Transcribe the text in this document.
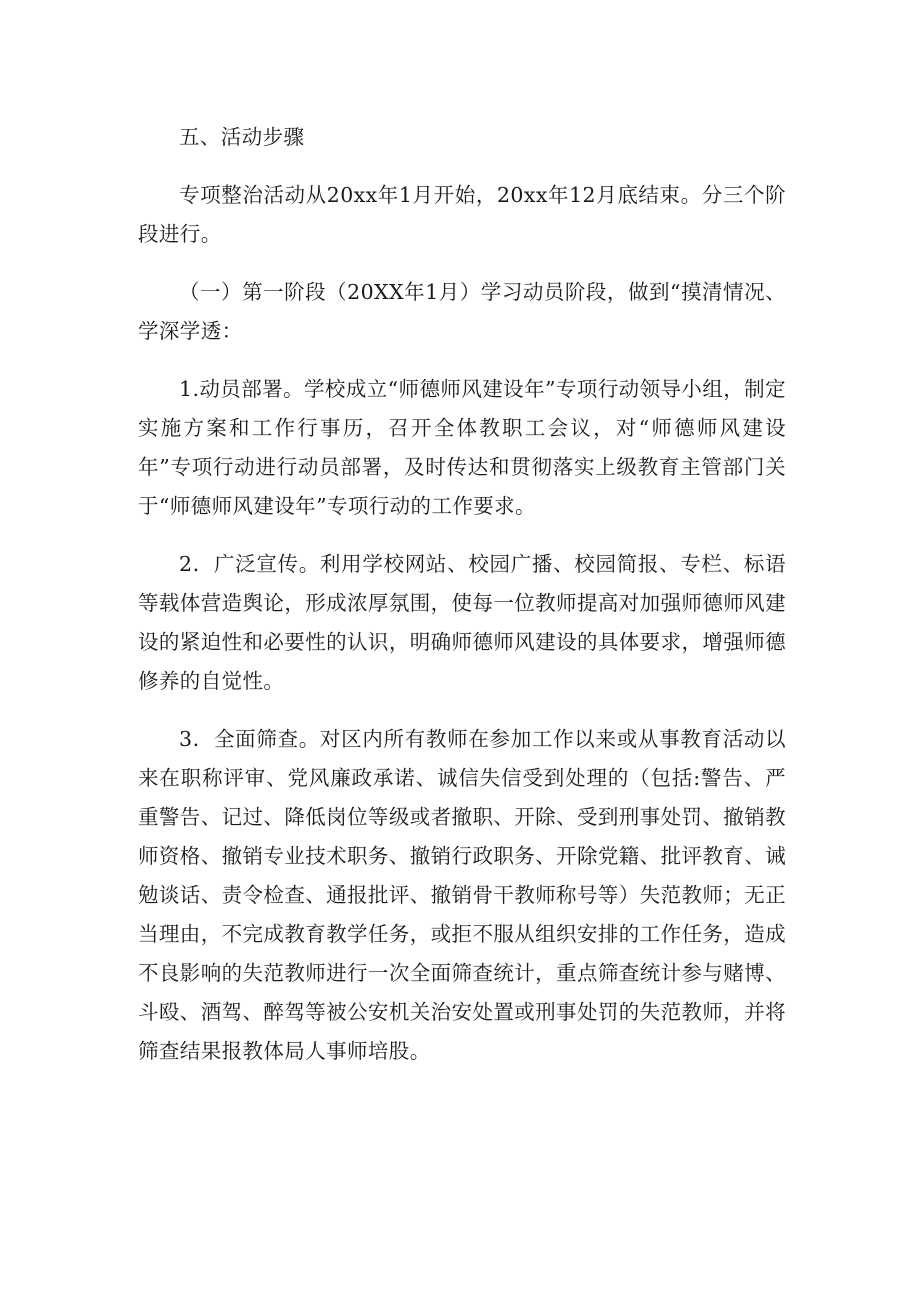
五、活动步骤

专项整治活动从20xx年1月开始，20xx年12月底结束。分三个阶段进行。

（一）第一阶段（20XX年1月）学习动员阶段，做到“摸清情况、学深学透：

1.动员部署。学校成立“师德师风建设年”专项行动领导小组，制定实施方案和工作行事历，召开全体教职工会议，对“师德师风建设年”专项行动进行动员部署，及时传达和贯彻落实上级教育主管部门关于“师德师风建设年”专项行动的工作要求。

2．广泛宣传。利用学校网站、校园广播、校园简报、专栏、标语等载体营造舆论，形成浓厚氛围，使每一位教师提高对加强师德师风建设的紧迫性和必要性的认识，明确师德师风建设的具体要求，增强师德修养的自觉性。

3．全面筛查。对区内所有教师在参加工作以来或从事教育活动以来在职称评审、党风廉政承诺、诚信失信受到处理的（包括:警告、严重警告、记过、降低岗位等级或者撤职、开除、受到刑事处罚、撤销教师资格、撤销专业技术职务、撤销行政职务、开除党籍、批评教育、诫勉谈话、责令检查、通报批评、撤销骨干教师称号等）失范教师；无正当理由，不完成教育教学任务，或拒不服从组织安排的工作任务，造成不良影响的失范教师进行一次全面筛查统计，重点筛查统计参与赌博、斗殴、酒驾、醉驾等被公安机关治安处置或刑事处罚的失范教师，并将筛查结果报教体局人事师培股。
